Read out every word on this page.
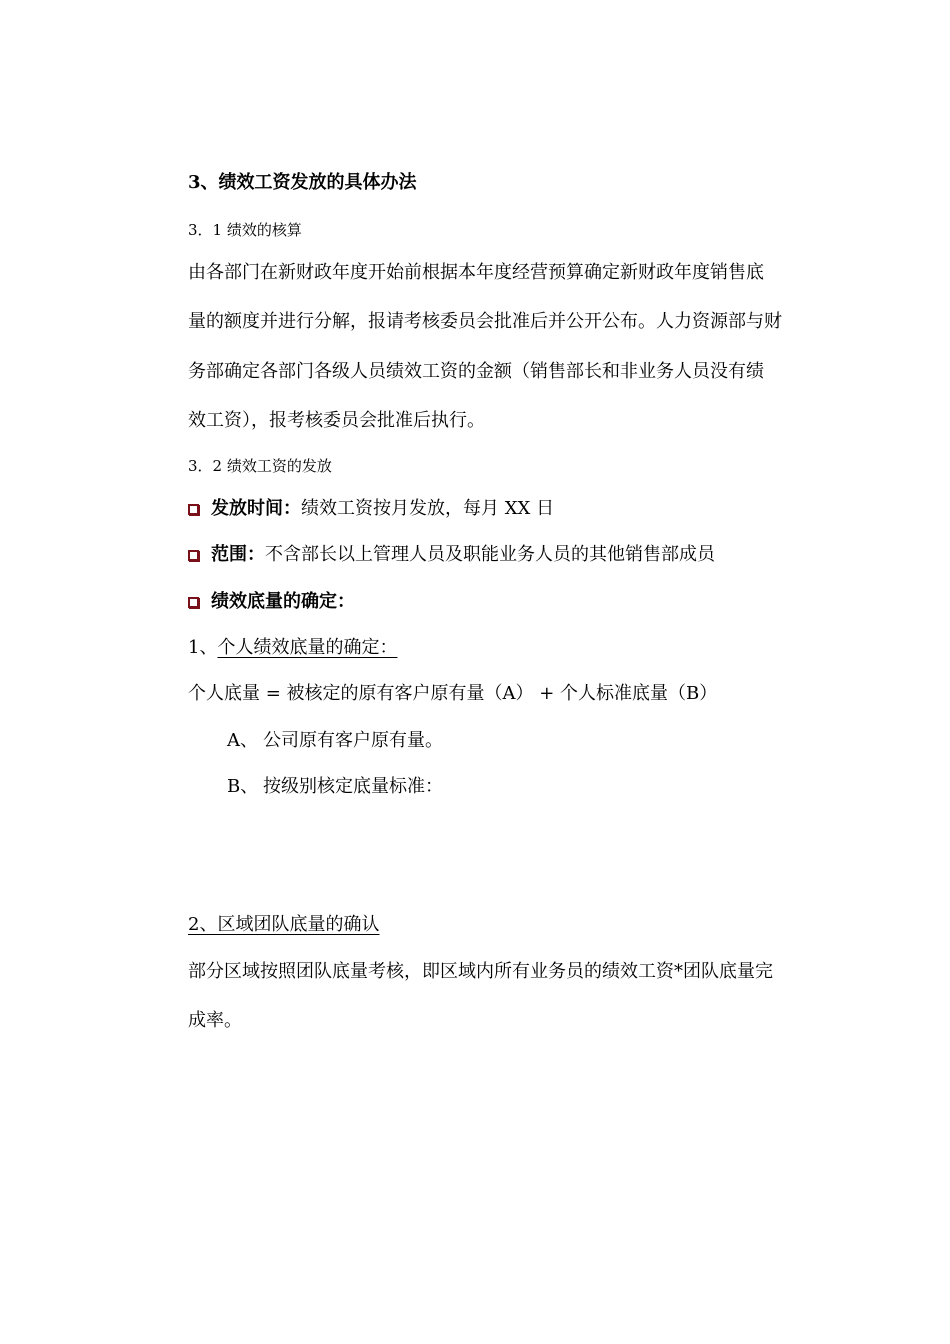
3、绩效工资发放的具体办法
3．1 绩效的核算
由各部门在新财政年度开始前根据本年度经营预算确定新财政年度销售底
量的额度并进行分解，报请考核委员会批准后并公开公布。人力资源部与财
务部确定各部门各级人员绩效工资的金额（销售部长和非业务人员没有绩
效工资），报考核委员会批准后执行。
3．2 绩效工资的发放
发放时间：绩效工资按月发放，每月 XX 日
范围：不含部长以上管理人员及职能业务人员的其他销售部成员
绩效底量的确定：
1、个人绩效底量的确定：
个人底量 = 被核定的原有客户原有量（A） + 个人标准底量（B）
A、 公司原有客户原有量。
B、 按级别核定底量标准：
2、区域团队底量的确认
部分区域按照团队底量考核，即区域内所有业务员的绩效工资*团队底量完
成率。
